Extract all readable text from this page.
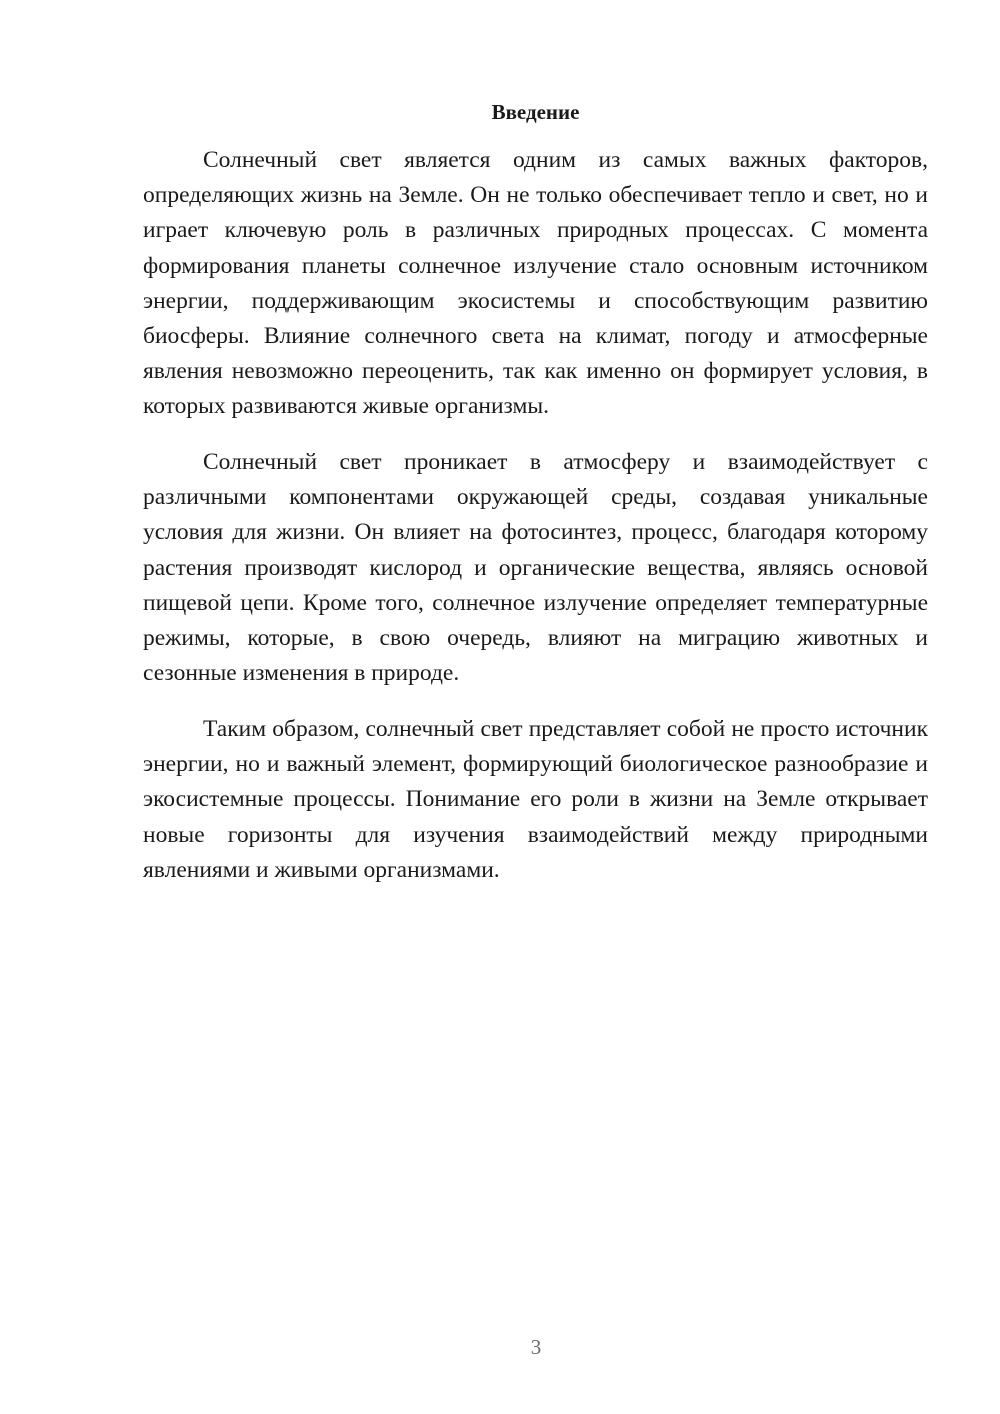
Введение

Солнечный свет является одним из самых важных факторов, определяющих жизнь на Земле. Он не только обеспечивает тепло и свет, но и играет ключевую роль в различных природных процессах. С момента формирования планеты солнечное излучение стало основным источником энергии, поддерживающим экосистемы и способствующим развитию биосферы. Влияние солнечного света на климат, погоду и атмосферные явления невозможно переоценить, так как именно он формирует условия, в которых развиваются живые организмы.

Солнечный свет проникает в атмосферу и взаимодействует с различными компонентами окружающей среды, создавая уникальные условия для жизни. Он влияет на фотосинтез, процесс, благодаря которому растения производят кислород и органические вещества, являясь основой пищевой цепи. Кроме того, солнечное излучение определяет температурные режимы, которые, в свою очередь, влияют на миграцию животных и сезонные изменения в природе.

Таким образом, солнечный свет представляет собой не просто источник энергии, но и важный элемент, формирующий биологическое разнообразие и экосистемные процессы. Понимание его роли в жизни на Земле открывает новые горизонты для изучения взаимодействий между природными явлениями и живыми организмами.

3
